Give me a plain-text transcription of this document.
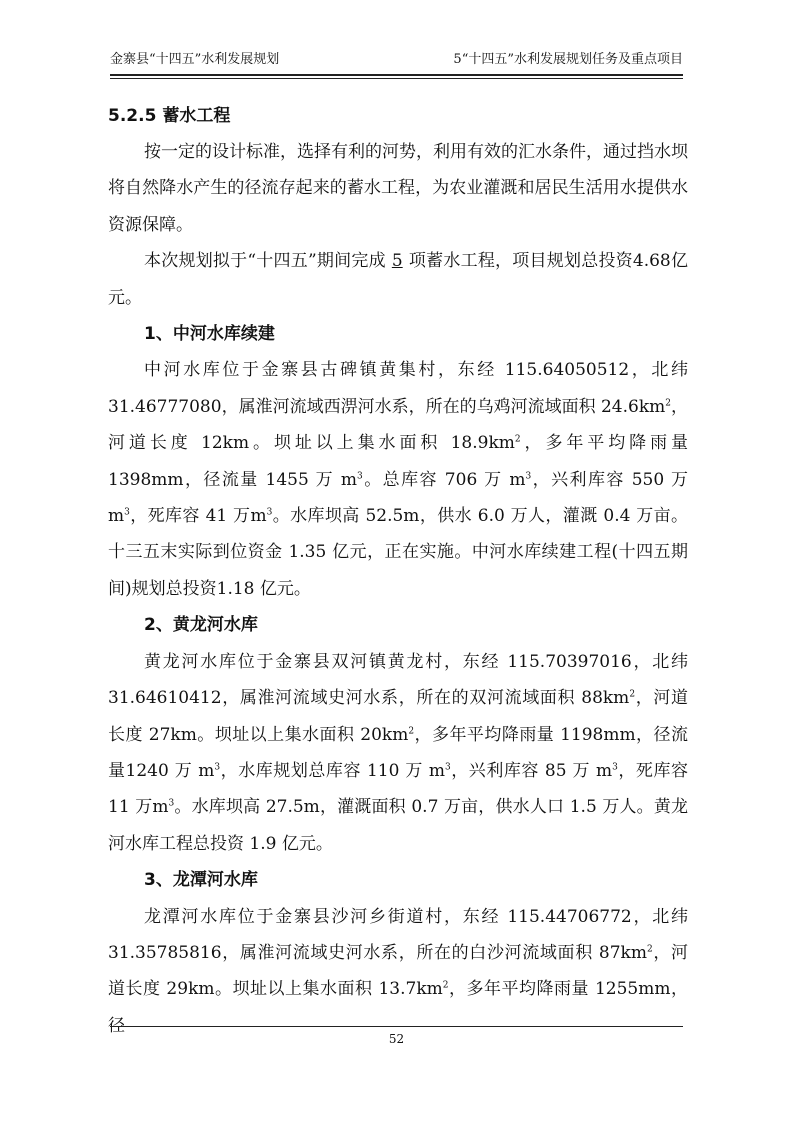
金寨县“十四五”水利发展规划	5“十四五”水利发展规划任务及重点项目
5.2.5 蓄水工程

按一定的设计标准，选择有利的河势，利用有效的汇水条件，通过挡水坝将自然降水产生的径流存起来的蓄水工程，为农业灌溉和居民生活用水提供水资源保障。

本次规划拟于“十四五”期间完成 5 项蓄水工程，项目规划总投资4.68亿元。

1、中河水库续建

中河水库位于金寨县古碑镇黄集村，东经 115.64050512，北纬31.46777080，属淮河流域西淠河水系，所在的乌鸡河流域面积 $24.6km^2$，河道长度 12km。坝址以上集水面积 $18.9km^2$，多年平均降雨量 1398mm，径流量 1455 万 $m^3$。总库容 706 万 $m^3$，兴利库容 550 万 $m^3$，死库容 41 万$m^3$。水库坝高 52.5m，供水 6.0 万人，灌溉 0.4 万亩。十三五末实际到位资金 1.35 亿元，正在实施。中河水库续建工程(十四五期间)规划总投资1.18 亿元。

2、黄龙河水库

黄龙河水库位于金寨县双河镇黄龙村，东经 115.70397016，北纬31.64610412，属淮河流域史河水系，所在的双河流域面积 $88km^2$，河道长度 27km。坝址以上集水面积 $20km^2$，多年平均降雨量 1198mm，径流量1240 万 $m^3$，水库规划总库容 110 万 $m^3$，兴利库容 85 万 $m^3$，死库容 11 万$m^3$。水库坝高 27.5m，灌溉面积 0.7 万亩，供水人口 1.5 万人。黄龙河水库工程总投资 1.9 亿元。

3、龙潭河水库

龙潭河水库位于金寨县沙河乡街道村，东经 115.44706772，北纬31.35785816，属淮河流域史河水系，所在的白沙河流域面积 $87km^2$，河道长度 29km。坝址以上集水面积 $13.7km^2$，多年平均降雨量 1255mm，径

52
